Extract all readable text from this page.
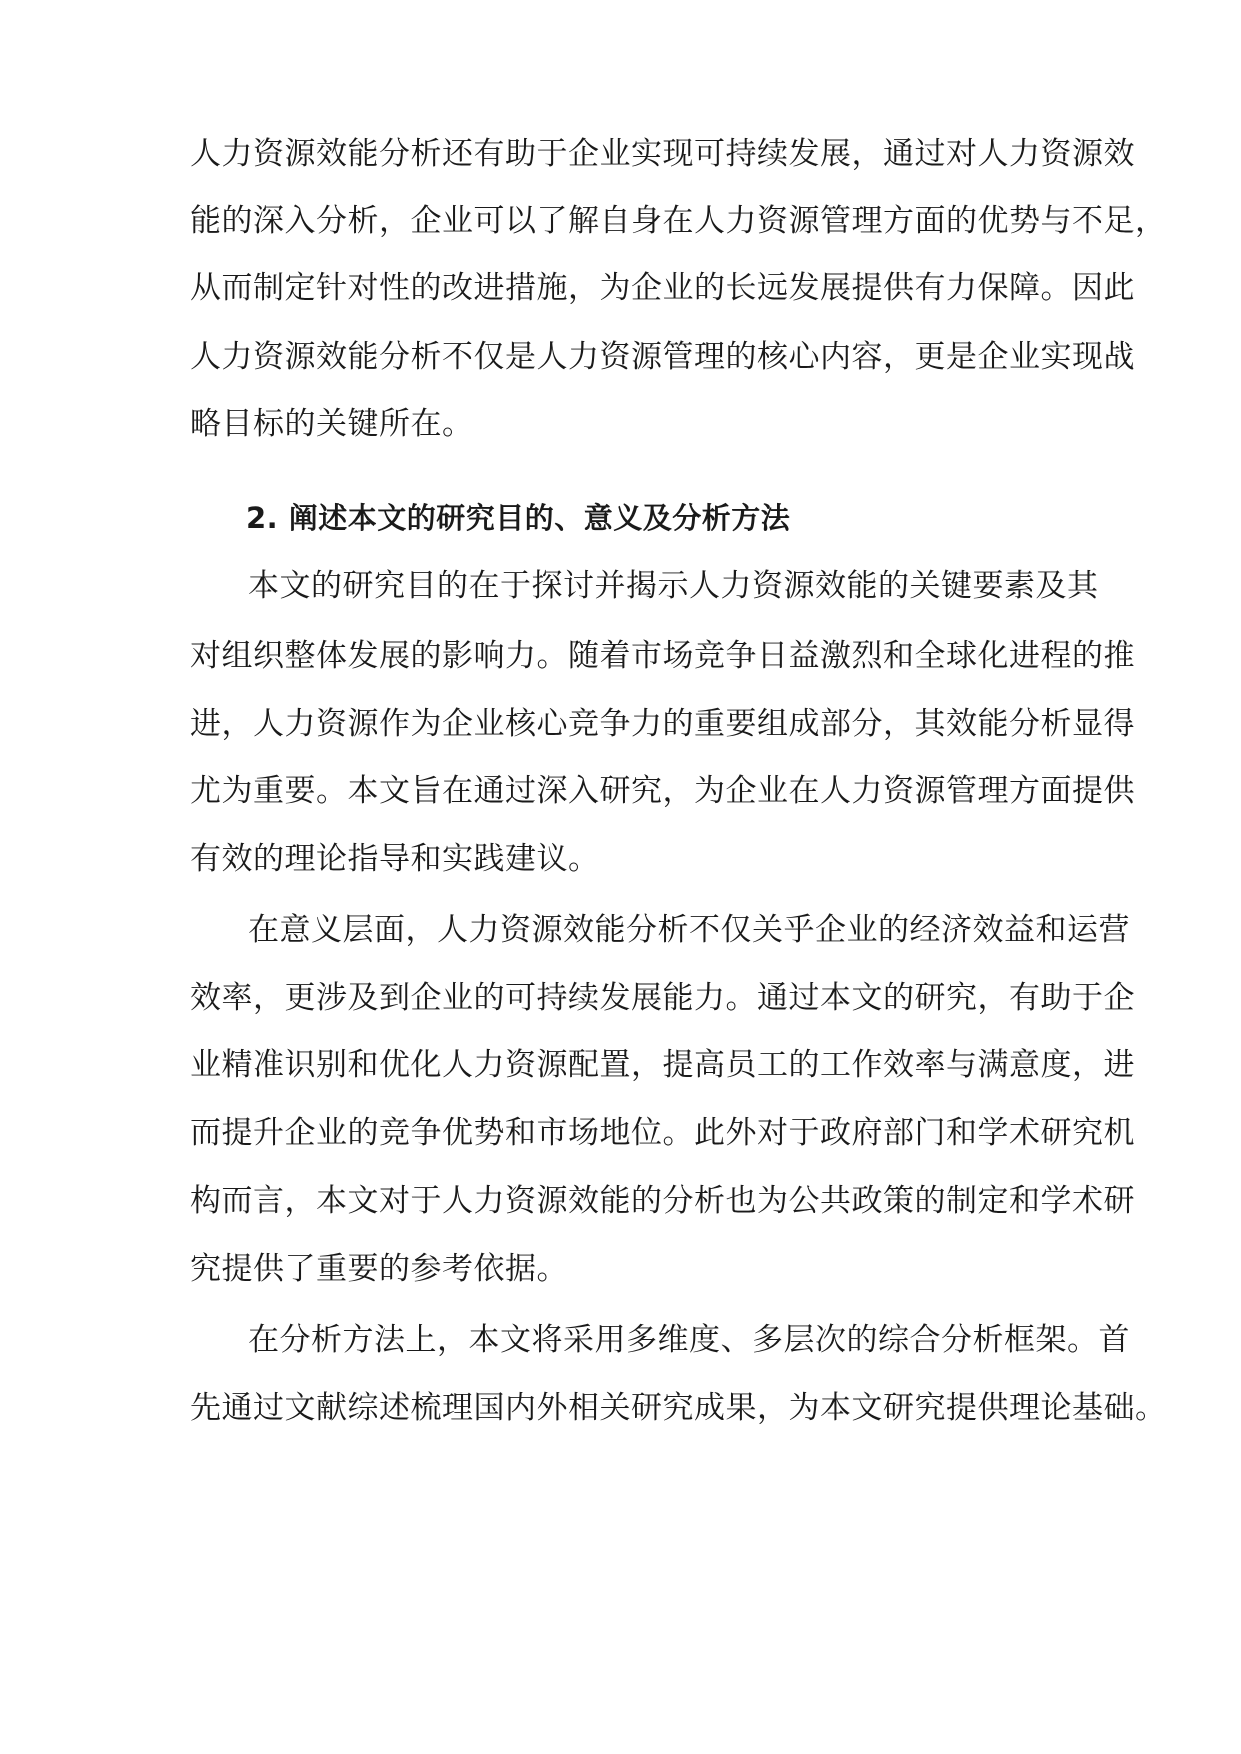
人力资源效能分析还有助于企业实现可持续发展，通过对人力资源效
能的深入分析，企业可以了解自身在人力资源管理方面的优势与不足，
从而制定针对性的改进措施，为企业的长远发展提供有力保障。因此
人力资源效能分析不仅是人力资源管理的核心内容，更是企业实现战
略目标的关键所在。
2. 阐述本文的研究目的、意义及分析方法
本文的研究目的在于探讨并揭示人力资源效能的关键要素及其
对组织整体发展的影响力。随着市场竞争日益激烈和全球化进程的推
进，人力资源作为企业核心竞争力的重要组成部分，其效能分析显得
尤为重要。本文旨在通过深入研究，为企业在人力资源管理方面提供
有效的理论指导和实践建议。
在意义层面，人力资源效能分析不仅关乎企业的经济效益和运营
效率，更涉及到企业的可持续发展能力。通过本文的研究，有助于企
业精准识别和优化人力资源配置，提高员工的工作效率与满意度，进
而提升企业的竞争优势和市场地位。此外对于政府部门和学术研究机
构而言，本文对于人力资源效能的分析也为公共政策的制定和学术研
究提供了重要的参考依据。
在分析方法上，本文将采用多维度、多层次的综合分析框架。首
先通过文献综述梳理国内外相关研究成果，为本文研究提供理论基础。
